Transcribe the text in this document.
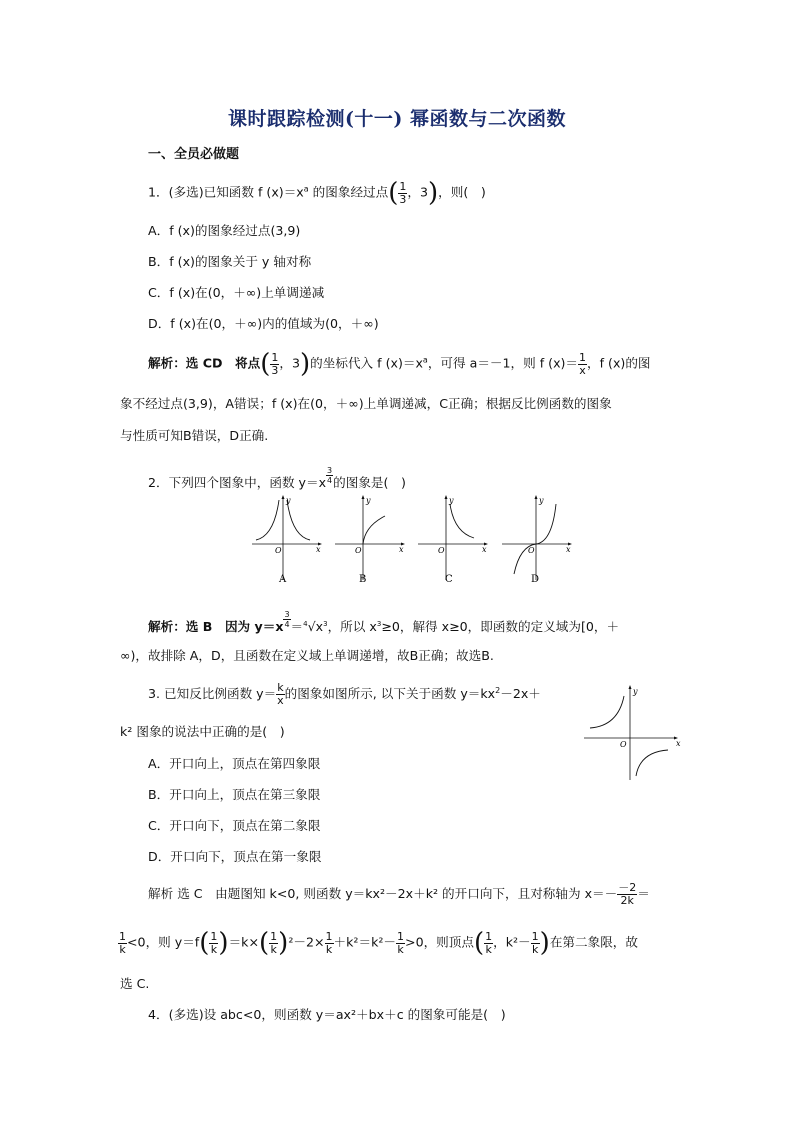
课时跟踪检测(十一) 幂函数与二次函数
一、全员必做题
1．(多选)已知函数 f $(x)=x^a$ 的图象经过点( $\frac{1}{3}$ ，3)，则(　)
A．f (x)的图象经过点(3,9)
B．f (x)的图象关于 y 轴对称
C．f (x)在(0，＋∞)上单调递减
D．f (x)在(0，＋∞)内的值域为(0，＋∞)
解析：选 CD　将点( $\frac{1}{3}$ ，3)的坐标代入 f $(x)=x^a$，可得 a＝－1，则 f $(x)= \frac{1}{x}$ ，f (x)的图
象不经过点(3,9)，A错误；f (x)在(0，＋∞)上单调递减，C正确；根据反比例函数的图象
与性质可知B错误，D正确.
2．下列四个图象中，函数 y＝x $^{\frac{3}{4}}$ 的图象是(　)
y
x
O
A
y
x
O
B
y
x
O
C
y
x
O
D
解析：选 B　因为 y＝x $^{\frac{3}{4}} =^4√x^3$，所以 $x^3\ge 0$，解得 x≥0，即函数的定义域为[0，＋
∞)，故排除 A，D，且函数在定义域上单调递增，故B正确；故选B.
3. 已知反比例函数 $y= \frac{k}{x}$ 的图象如图所示, 以下关于函数 $y=kx^2-2x+$
k² 图象的说法中正确的是(　)
y
x
O
A．开口向上，顶点在第四象限
B．开口向上，顶点在第三象限
C．开口向下，顶点在第二象限
D．开口向下，顶点在第一象限
解析 选 C　由题图知 k<0, 则函数 y＝kx²－2x＋k² 的开口向下，且对称轴为 $x=- \frac{-2}{2k}$ ＝
$\frac{1}{k} <0$，则 $y=f( \frac{1}{k} )=k\times( \frac{1}{k} )^2-2\times \frac{1}{k} +k^2=k^2- \frac{1}{k} >0$，则顶点( $\frac{1}{k}$ ，$k^2- \frac{1}{k}$ )在第二象限，故
选 C.
4．(多选)设 abc<0，则函数 y＝ax²＋bx＋c 的图象可能是(　)
